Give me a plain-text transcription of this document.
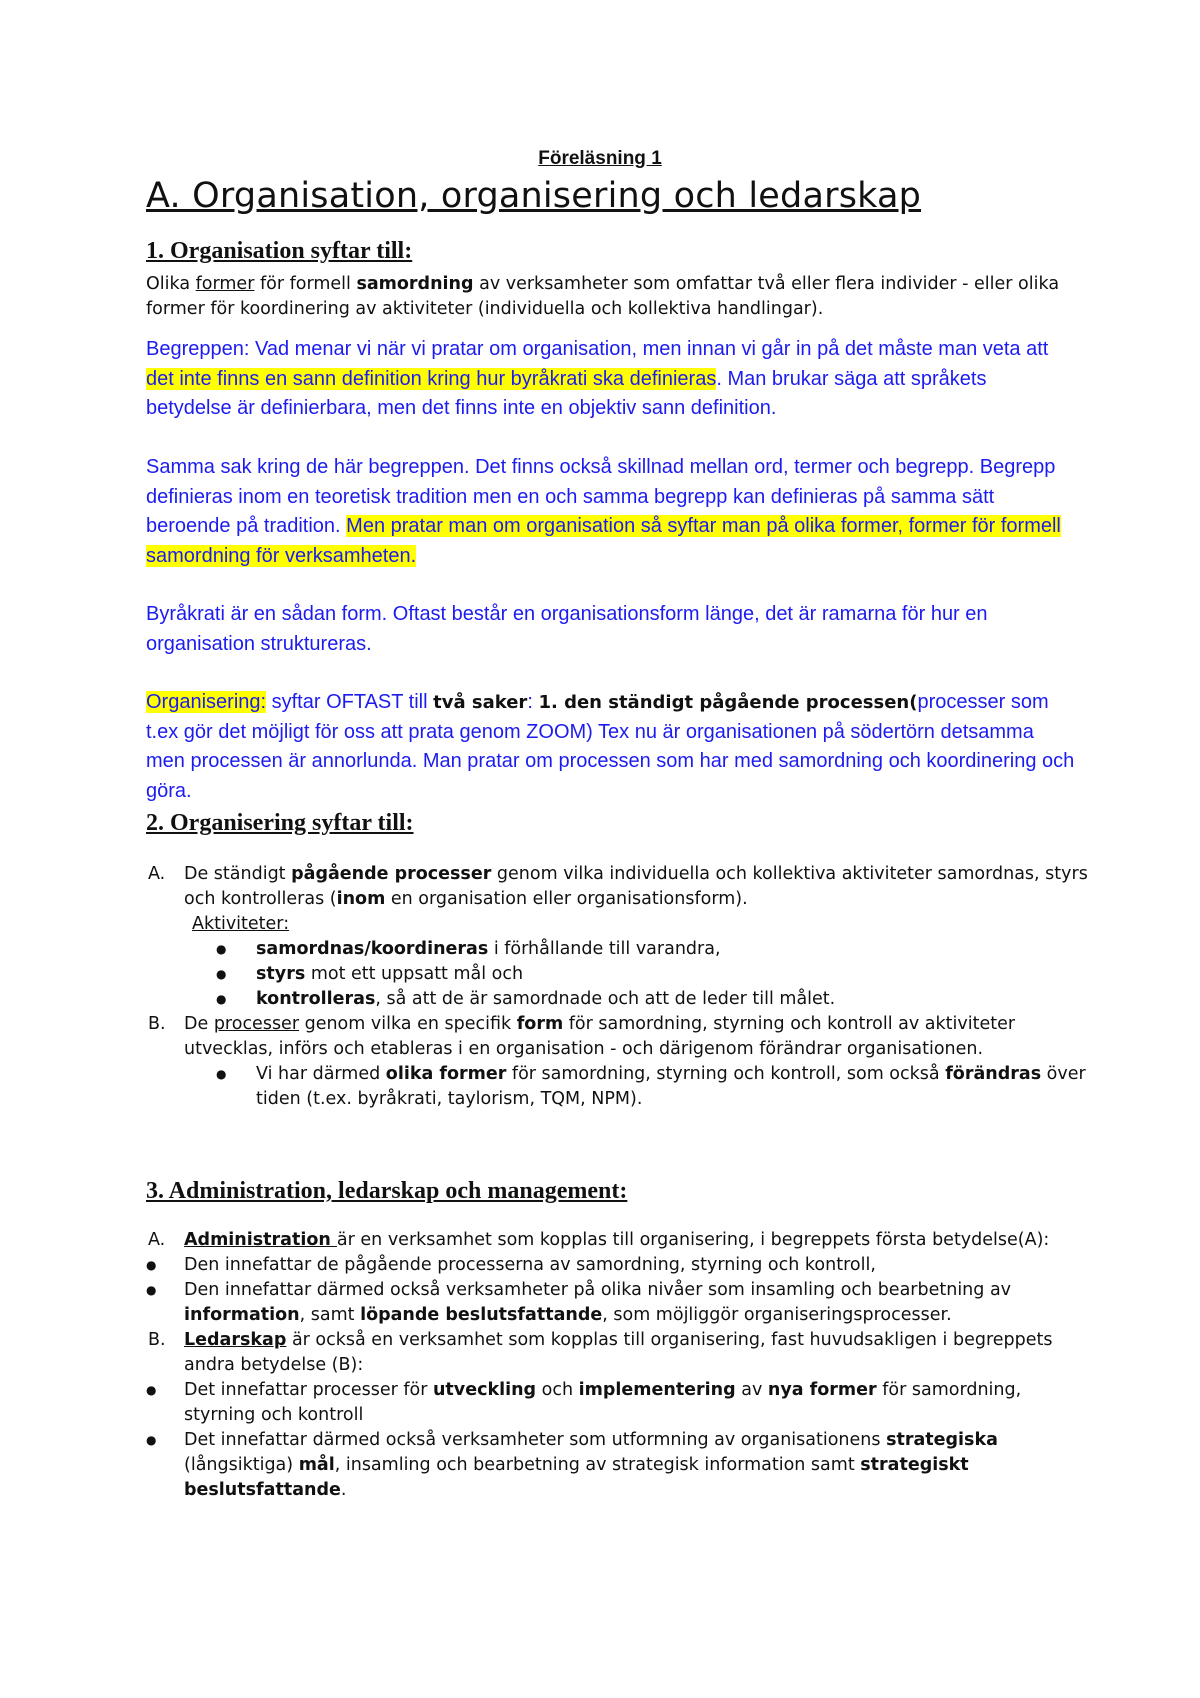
Föreläsning 1
A. Organisation, organisering och ledarskap
1. Organisation syftar till:
Olika former för formell samordning av verksamheter som omfattar två eller flera individer - eller olika former för koordinering av aktiviteter (individuella och kollektiva handlingar).
Begreppen: Vad menar vi när vi pratar om organisation, men innan vi går in på det måste man veta att det inte finns en sann definition kring hur byråkrati ska definieras. Man brukar säga att språkets betydelse är definierbara, men det finns inte en objektiv sann definition.
Samma sak kring de här begreppen. Det finns också skillnad mellan ord, termer och begrepp. Begrepp definieras inom en teoretisk tradition men en och samma begrepp kan definieras på samma sätt beroende på tradition. Men pratar man om organisation så syftar man på olika former, former för formell samordning för verksamheten.
Byråkrati är en sådan form. Oftast består en organisationsform länge, det är ramarna för hur en organisation struktureras.
Organisering: syftar OFTAST till två saker: 1. den ständigt pågående processen(processer som t.ex gör det möjligt för oss att prata genom ZOOM) Tex nu är organisationen på södertörn detsamma men processen är annorlunda. Man pratar om processen som har med samordning och koordinering och göra.
2. Organisering syftar till:
A. De ständigt pågående processer genom vilka individuella och kollektiva aktiviteter samordnas, styrs och kontrolleras (inom en organisation eller organisationsform).
Aktiviteter:
● samordnas/koordineras i förhållande till varandra,
● styrs mot ett uppsatt mål och
● kontrolleras, så att de är samordnade och att de leder till målet.
B. De processer genom vilka en specifik form för samordning, styrning och kontroll av aktiviteter utvecklas, införs och etableras i en organisation - och därigenom förändrar organisationen.
● Vi har därmed olika former för samordning, styrning och kontroll, som också förändras över tiden (t.ex. byråkrati, taylorism, TQM, NPM).
3. Administration, ledarskap och management:
A. Administration är en verksamhet som kopplas till organisering, i begreppets första betydelse(A):
● Den innefattar de pågående processerna av samordning, styrning och kontroll,
● Den innefattar därmed också verksamheter på olika nivåer som insamling och bearbetning av information, samt löpande beslutsfattande, som möjliggör organiseringsprocesser.
B. Ledarskap är också en verksamhet som kopplas till organisering, fast huvudsakligen i begreppets andra betydelse (B):
● Det innefattar processer för utveckling och implementering av nya former för samordning, styrning och kontroll
● Det innefattar därmed också verksamheter som utformning av organisationens strategiska (långsiktiga) mål, insamling och bearbetning av strategisk information samt strategiskt beslutsfattande.
